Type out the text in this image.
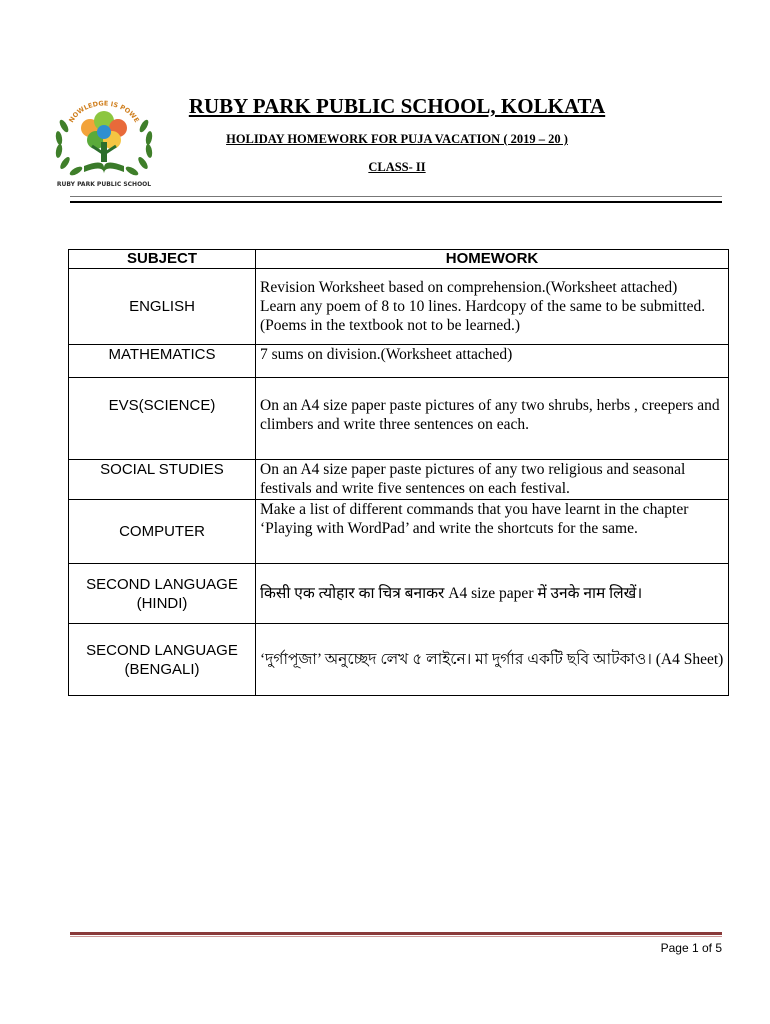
NOWLEDGE IS POWE
RUBY PARK PUBLIC SCHOOL
RUBY PARK PUBLIC SCHOOL, KOLKATA
HOLIDAY HOMEWORK FOR PUJA VACATION ( 2019 – 20 )
CLASS- II
SUBJECT	HOMEWORK
ENGLISH	Revision Worksheet based on comprehension.(Worksheet attached)
Learn any poem of 8 to 10 lines. Hardcopy of the same to be submitted. (Poems in the textbook not to be learned.)
MATHEMATICS	7 sums on division.(Worksheet attached)
EVS(SCIENCE)	On an A4 size paper paste pictures of any two shrubs, herbs , creepers and climbers and write three sentences on each.
SOCIAL STUDIES	On an A4 size paper paste pictures of any two religious and seasonal festivals and write five sentences on each festival.
COMPUTER	Make a list of different commands that you have learnt in the chapter ‘Playing with WordPad’ and write the shortcuts for the same.
SECOND LANGUAGE (HINDI)	किसी एक त्योहार का चित्र बनाकर A4 size paper में उनके नाम लिखें।
SECOND LANGUAGE (BENGALI)	‘দুর্গাপূজা’ অনুচ্ছেদ লেখ ৫ লাইনে। মা দুর্গার একটি ছবি আটকাও। (A4 Sheet)
Page 1 of 5
